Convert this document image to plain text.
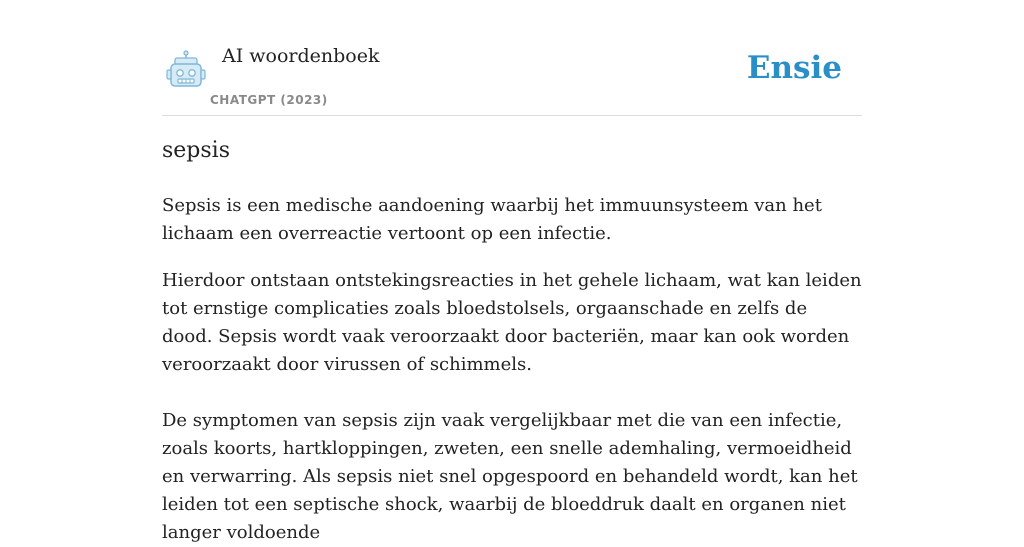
AI woordenboek
CHATGPT (2023)
Ensie
sepsis

Sepsis is een medische aandoening waarbij het immuunsysteem van het lichaam een overreactie vertoont op een infectie.

Hierdoor ontstaan ontstekingsreacties in het gehele lichaam, wat kan leiden tot ernstige complicaties zoals bloedstolsels, orgaanschade en zelfs de dood. Sepsis wordt vaak veroorzaakt door bacteriën, maar kan ook worden veroorzaakt door virussen of schimmels.

De symptomen van sepsis zijn vaak vergelijkbaar met die van een infectie, zoals koorts, hartkloppingen, zweten, een snelle ademhaling, vermoeidheid en verwarring. Als sepsis niet snel opgespoord en behandeld wordt, kan het leiden tot een septische shock, waarbij de bloeddruk daalt en organen niet langer voldoende
